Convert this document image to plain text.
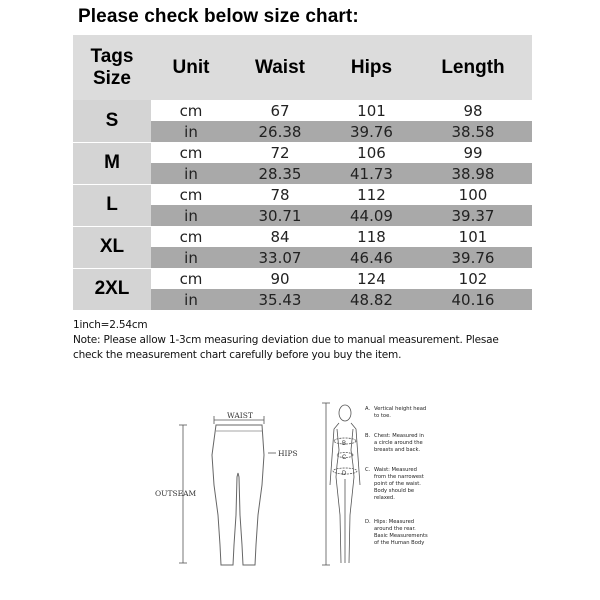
Please check below size chart:
Tags
Size	Unit	Waist	Hips	Length
S	cm	67	101	98
	in	26.38	39.76	38.58
M	cm	72	106	99
	in	28.35	41.73	38.98
L	cm	78	112	100
	in	30.71	44.09	39.37
XL	cm	84	118	101
	in	33.07	46.46	39.76
2XL	cm	90	124	102
	in	35.43	48.82	40.16
1inch=2.54cm
Note: Please allow 1-3cm measuring deviation due to manual measurement. Plesae
check the measurement chart carefully before you buy the item.
WAIST
HIPS
OUTSEAM
B
C
D
A. Vertical height head
to toe.
B. Chest: Measured in
a circle around the
breasts and back.
C. Waist: Measured
from the narrowest
point of the waist.
Body should be
relaxed.
D. Hips: Measured
around the rear.
Basic Measurements
of the Human Body
